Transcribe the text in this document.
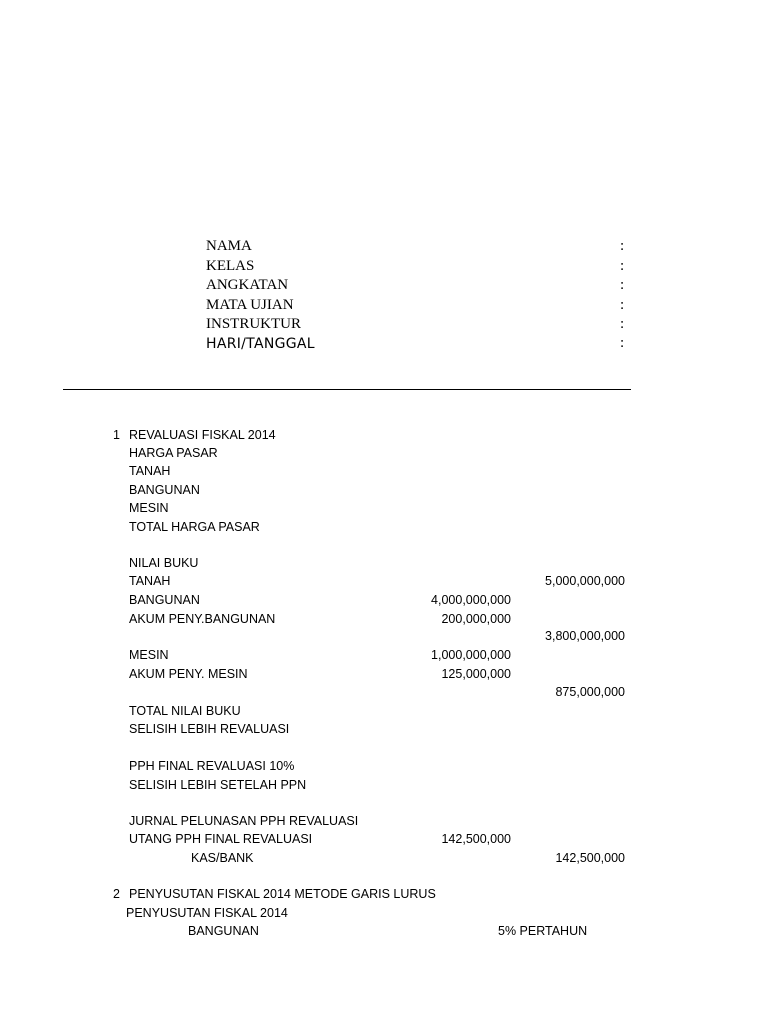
NAMA	:
KELAS	:
ANGKATAN	:
MATA UJIAN	:
INSTRUKTUR	:
HARI/TANGGAL	:
1 REVALUASI FISKAL 2014
HARGA PASAR
TANAH
BANGUNAN
MESIN
TOTAL HARGA PASAR
NILAI BUKU
TANAH	5,000,000,000
BANGUNAN	4,000,000,000
AKUM PENY.BANGUNAN	200,000,000
3,800,000,000
MESIN	1,000,000,000
AKUM PENY. MESIN	125,000,000
875,000,000
TOTAL NILAI BUKU
SELISIH LEBIH REVALUASI
PPH FINAL REVALUASI 10%
SELISIH LEBIH SETELAH PPN
JURNAL PELUNASAN PPH REVALUASI
UTANG PPH FINAL REVALUASI	142,500,000
KAS/BANK	142,500,000
2 PENYUSUTAN FISKAL 2014 METODE GARIS LURUS
PENYUSUTAN FISKAL 2014
BANGUNAN	5% PERTAHUN
